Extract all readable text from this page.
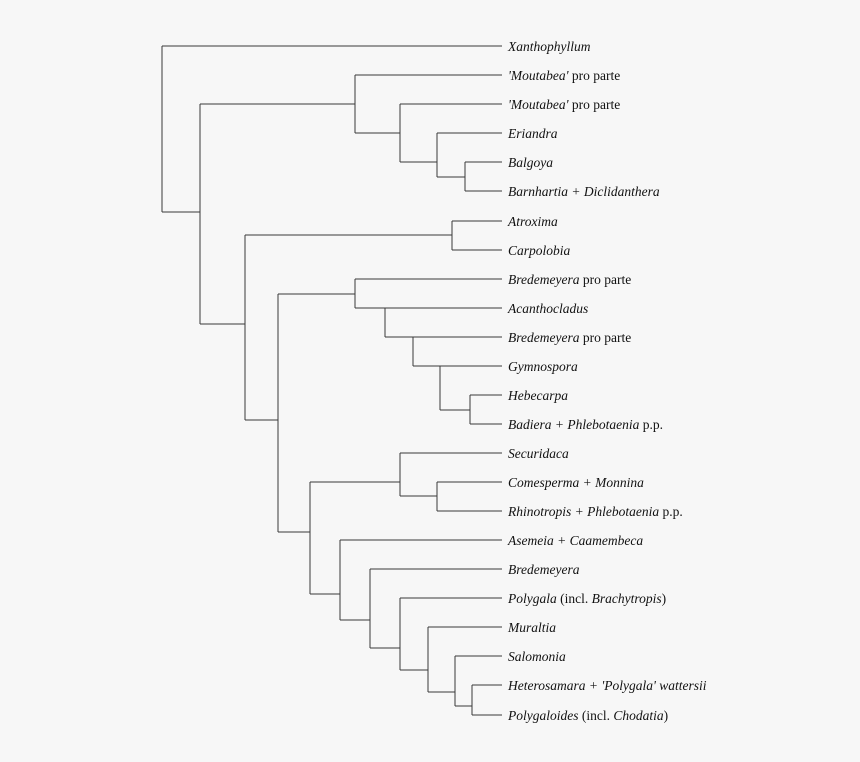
Xanthophyllum
'Moutabea' pro parte
'Moutabea' pro parte
Eriandra
Balgoya
Barnhartia + Diclidanthera
Atroxima
Carpolobia
Bredemeyera pro parte
Acanthocladus
Bredemeyera pro parte
Gymnospora
Hebecarpa
Badiera + Phlebotaenia p.p.
Securidaca
Comesperma + Monnina
Rhinotropis + Phlebotaenia p.p.
Asemeia + Caamembeca
Bredemeyera
Polygala (incl. Brachytropis)
Muraltia
Salomonia
Heterosamara + 'Polygala' wattersii
Polygaloides (incl. Chodatia)
